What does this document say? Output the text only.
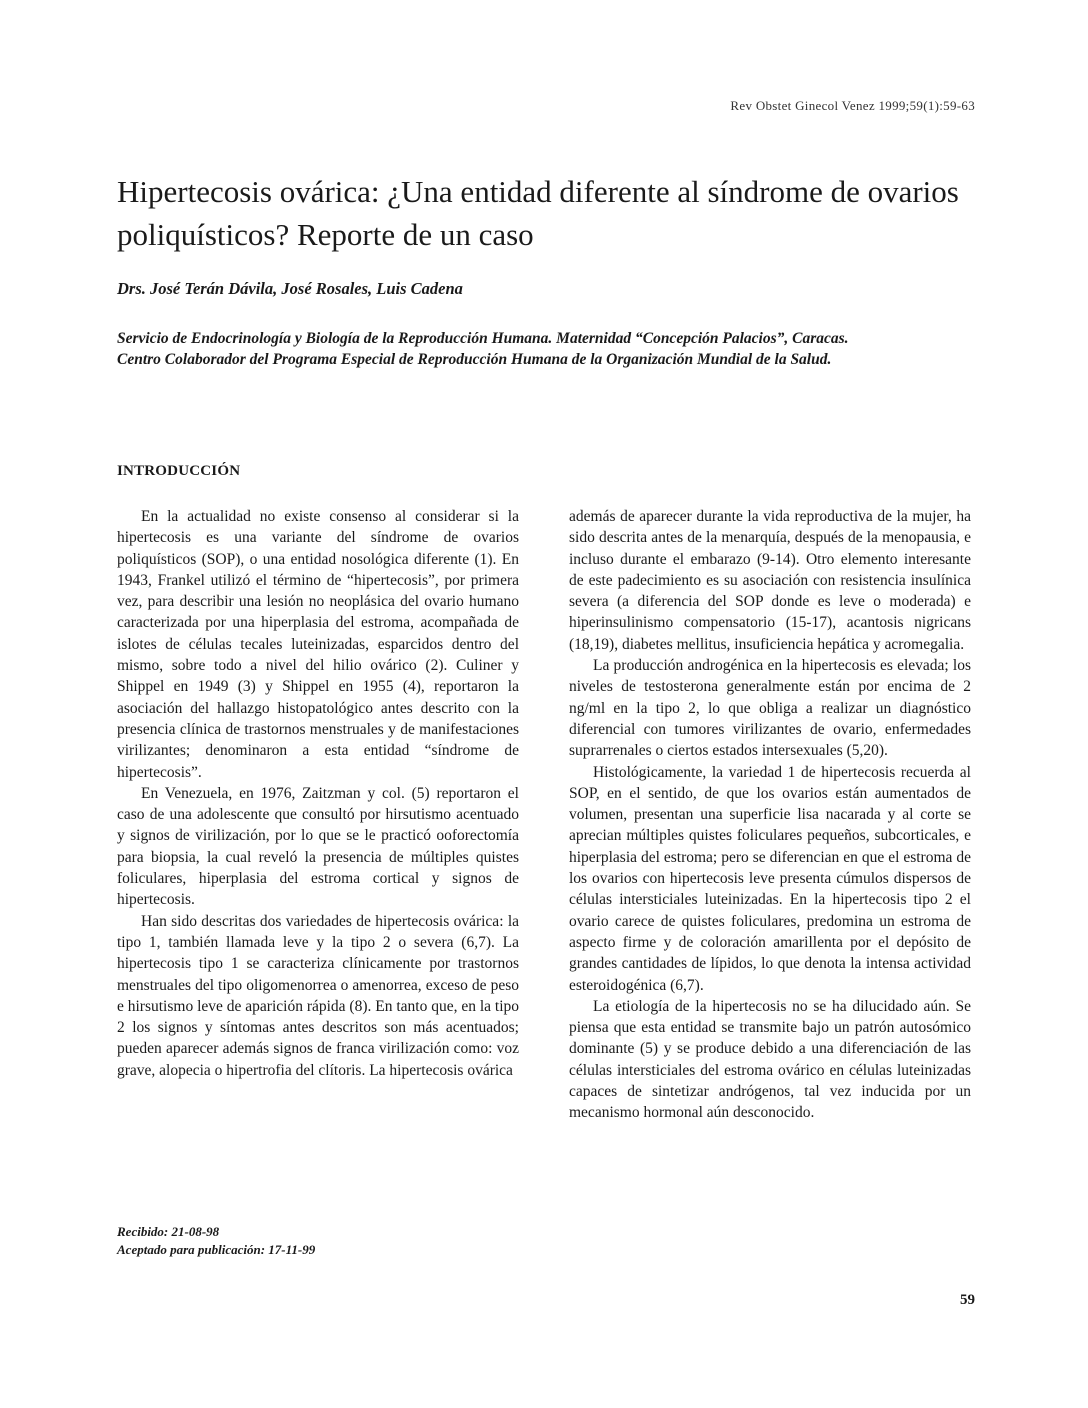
Rev Obstet Ginecol Venez 1999;59(1):59-63
Hipertecosis ovárica: ¿Una entidad diferente al síndrome de ovarios poliquísticos? Reporte de un caso
Drs. José Terán Dávila, José Rosales, Luis Cadena
Servicio de Endocrinología y Biología de la Reproducción Humana. Maternidad “Concepción Palacios”, Caracas.
Centro Colaborador del Programa Especial de Reproducción Humana de la Organización Mundial de la Salud.
INTRODUCCIÓN

En la actualidad no existe consenso al considerar si la hipertecosis es una variante del síndrome de ovarios poliquísticos (SOP), o una entidad nosológica diferente (1). En 1943, Frankel utilizó el término de “hipertecosis”, por primera vez, para describir una lesión no neoplásica del ovario humano caracterizada por una hiperplasia del estroma, acompañada de islotes de células tecales luteinizadas, esparcidos dentro del mismo, sobre todo a nivel del hilio ovárico (2). Culiner y Shippel en 1949 (3) y Shippel en 1955 (4), reportaron la asociación del hallazgo histopatológico antes descrito con la presencia clínica de trastornos menstruales y de manifestaciones virilizantes; denominaron a esta entidad “síndrome de hipertecosis”.

En Venezuela, en 1976, Zaitzman y col. (5) reportaron el caso de una adolescente que consultó por hirsutismo acentuado y signos de virilización, por lo que se le practicó ooforectomía para biopsia, la cual reveló la presencia de múltiples quistes foliculares, hiperplasia del estroma cortical y signos de hipertecosis.

Han sido descritas dos variedades de hipertecosis ovárica: la tipo 1, también llamada leve y la tipo 2 o severa (6,7). La hipertecosis tipo 1 se caracteriza clínicamente por trastornos menstruales del tipo oligomenorrea o amenorrea, exceso de peso e hirsutismo leve de aparición rápida (8). En tanto que, en la tipo 2 los signos y síntomas antes descritos son más acentuados; pueden aparecer además signos de franca virilización como: voz grave, alopecia o hipertrofia del clítoris. La hipertecosis ovárica

además de aparecer durante la vida reproductiva de la mujer, ha sido descrita antes de la menarquía, después de la menopausia, e incluso durante el embarazo (9-14). Otro elemento interesante de este padecimiento es su asociación con resistencia insulínica severa (a diferencia del SOP donde es leve o moderada) e hiperinsulinismo compensatorio (15-17), acantosis nigricans (18,19), diabetes mellitus, insuficiencia hepática y acromegalia.

La producción androgénica en la hipertecosis es elevada; los niveles de testosterona generalmente están por encima de 2 ng/ml en la tipo 2, lo que obliga a realizar un diagnóstico diferencial con tumores virilizantes de ovario, enfermedades suprarrenales o ciertos estados intersexuales (5,20).

Histológicamente, la variedad 1 de hipertecosis recuerda al SOP, en el sentido, de que los ovarios están aumentados de volumen, presentan una superficie lisa nacarada y al corte se aprecian múltiples quistes foliculares pequeños, subcorticales, e hiperplasia del estroma; pero se diferencian en que el estroma de los ovarios con hipertecosis leve presenta cúmulos dispersos de células intersticiales luteinizadas. En la hipertecosis tipo 2 el ovario carece de quistes foliculares, predomina un estroma de aspecto firme y de coloración amarillenta por el depósito de grandes cantidades de lípidos, lo que denota la intensa actividad esteroidogénica (6,7).

La etiología de la hipertecosis no se ha dilucidado aún. Se piensa que esta entidad se transmite bajo un patrón autosómico dominante (5) y se produce debido a una diferenciación de las células intersticiales del estroma ovárico en células luteinizadas capaces de sintetizar andrógenos, tal vez inducida por un mecanismo hormonal aún desconocido.

Recibido: 21-08-98
Aceptado para publicación: 17-11-99
59
